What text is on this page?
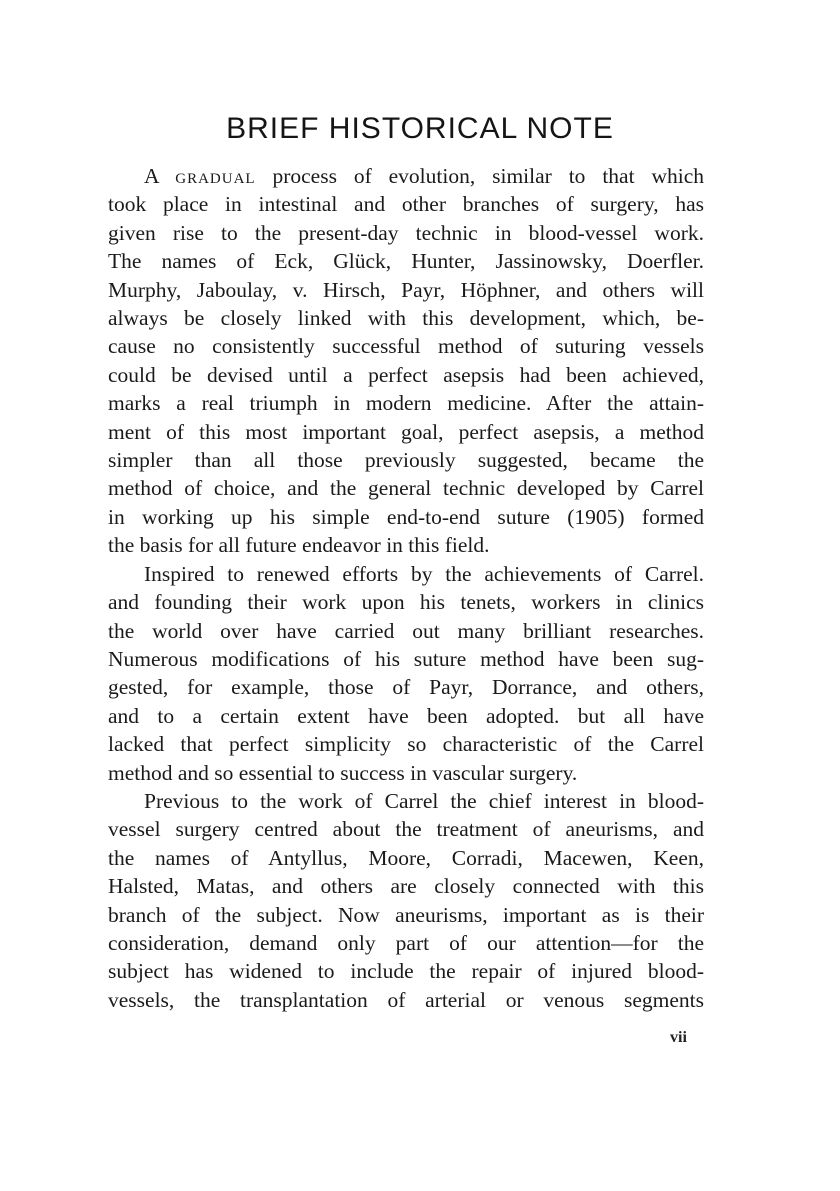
BRIEF HISTORICAL NOTE
A gradual process of evolution, similar to that which
took place in intestinal and other branches of surgery, has
given rise to the present-day technic in blood-vessel work.
The names of Eck, Glück, Hunter, Jassinowsky, Doerfler.
Murphy, Jaboulay, v. Hirsch, Payr, Höphner, and others will
always be closely linked with this development, which, be-
cause no consistently successful method of suturing vessels
could be devised until a perfect asepsis had been achieved,
marks a real triumph in modern medicine. After the attain-
ment of this most important goal, perfect asepsis, a method
simpler than all those previously suggested, became the
method of choice, and the general technic developed by Carrel
in working up his simple end-to-end suture (1905) formed
the basis for all future endeavor in this field.
Inspired to renewed efforts by the achievements of Carrel.
and founding their work upon his tenets, workers in clinics
the world over have carried out many brilliant researches.
Numerous modifications of his suture method have been sug-
gested, for example, those of Payr, Dorrance, and others,
and to a certain extent have been adopted. but all have
lacked that perfect simplicity so characteristic of the Carrel
method and so essential to success in vascular surgery.
Previous to the work of Carrel the chief interest in blood-
vessel surgery centred about the treatment of aneurisms, and
the names of Antyllus, Moore, Corradi, Macewen, Keen,
Halsted, Matas, and others are closely connected with this
branch of the subject. Now aneurisms, important as is their
consideration, demand only part of our attention—for the
subject has widened to include the repair of injured blood-
vessels, the transplantation of arterial or venous segments
vii
